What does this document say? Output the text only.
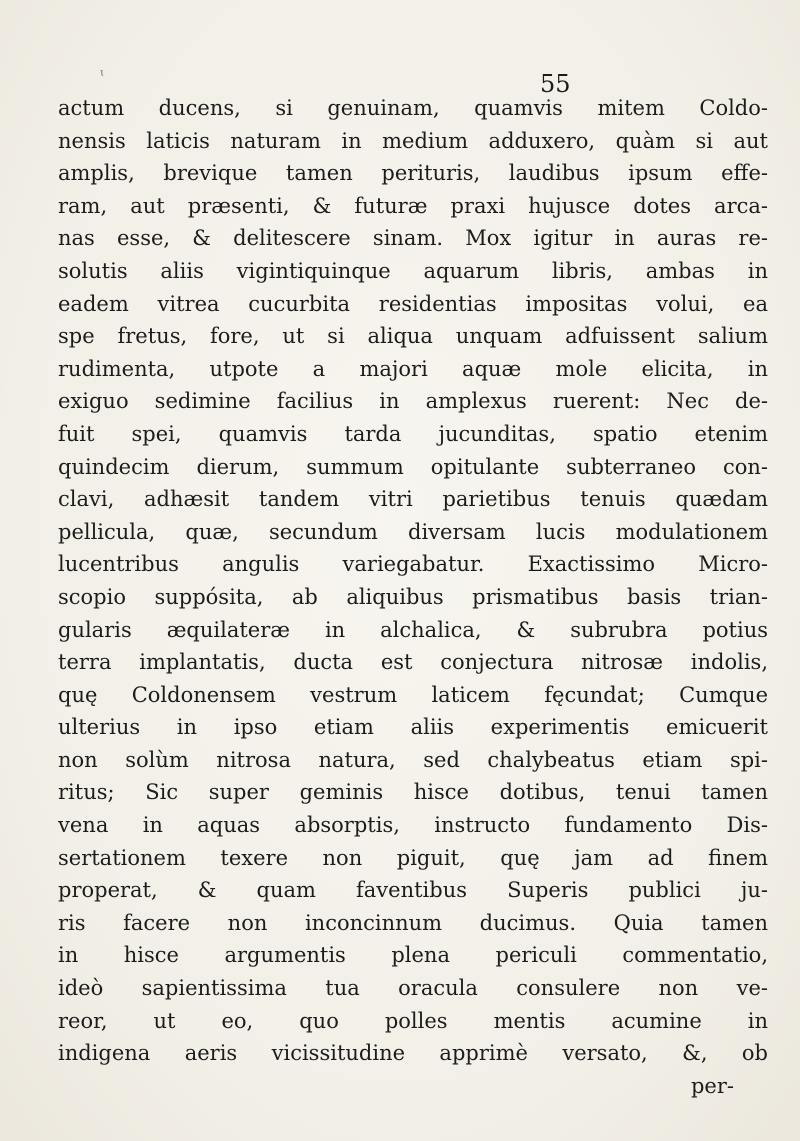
ɩ	55
actum ducens, si genuinam, quamvis mitem Coldo-
nensis laticis naturam in medium adduxero, quàm si aut
amplis, brevique tamen perituris, laudibus ipsum effe-
ram, aut præsenti, & futuræ praxi hujusce dotes arca-
nas esse, & delitescere sinam. Mox igitur in auras re-
solutis aliis vigintiquinque aquarum libris, ambas in
eadem vitrea cucurbita residentias impositas volui, ea
spe fretus, fore, ut si aliqua unquam adfuissent salium
rudimenta, utpote a majori aquæ mole elicita, in
exiguo sedimine facilius in amplexus ruerent: Nec de-
fuit spei, quamvis tarda jucunditas, spatio etenim
quindecim dierum, summum opitulante subterraneo con-
clavi, adhæsit tandem vitri parietibus tenuis quædam
pellicula, quæ, secundum diversam lucis modulationem
lucentribus angulis variegabatur. Exactissimo Micro-
scopio suppósita, ab aliquibus prismatibus basis trian-
gularis æquilateræ in alchalica, & subrubra potius
terra implantatis, ducta est conjectura nitrosæ indolis,
quę Coldonensem vestrum laticem fęcundat; Cumque
ulterius in ipso etiam aliis experimentis emicuerit
non solùm nitrosa natura, sed chalybeatus etiam spi-
ritus; Sic super geminis hisce dotibus, tenui tamen
vena in aquas absorptis, instructo fundamento Dis-
sertationem texere non piguit, quę jam ad finem
properat, & quam faventibus Superis publici ju-
ris facere non inconcinnum ducimus. Quia tamen
in hisce argumentis plena periculi commentatio,
ideò sapientissima tua oracula consulere non ve-
reor, ut eo, quo polles mentis acumine in
indigena aeris vicissitudine apprimè versato, &, ob
per-
